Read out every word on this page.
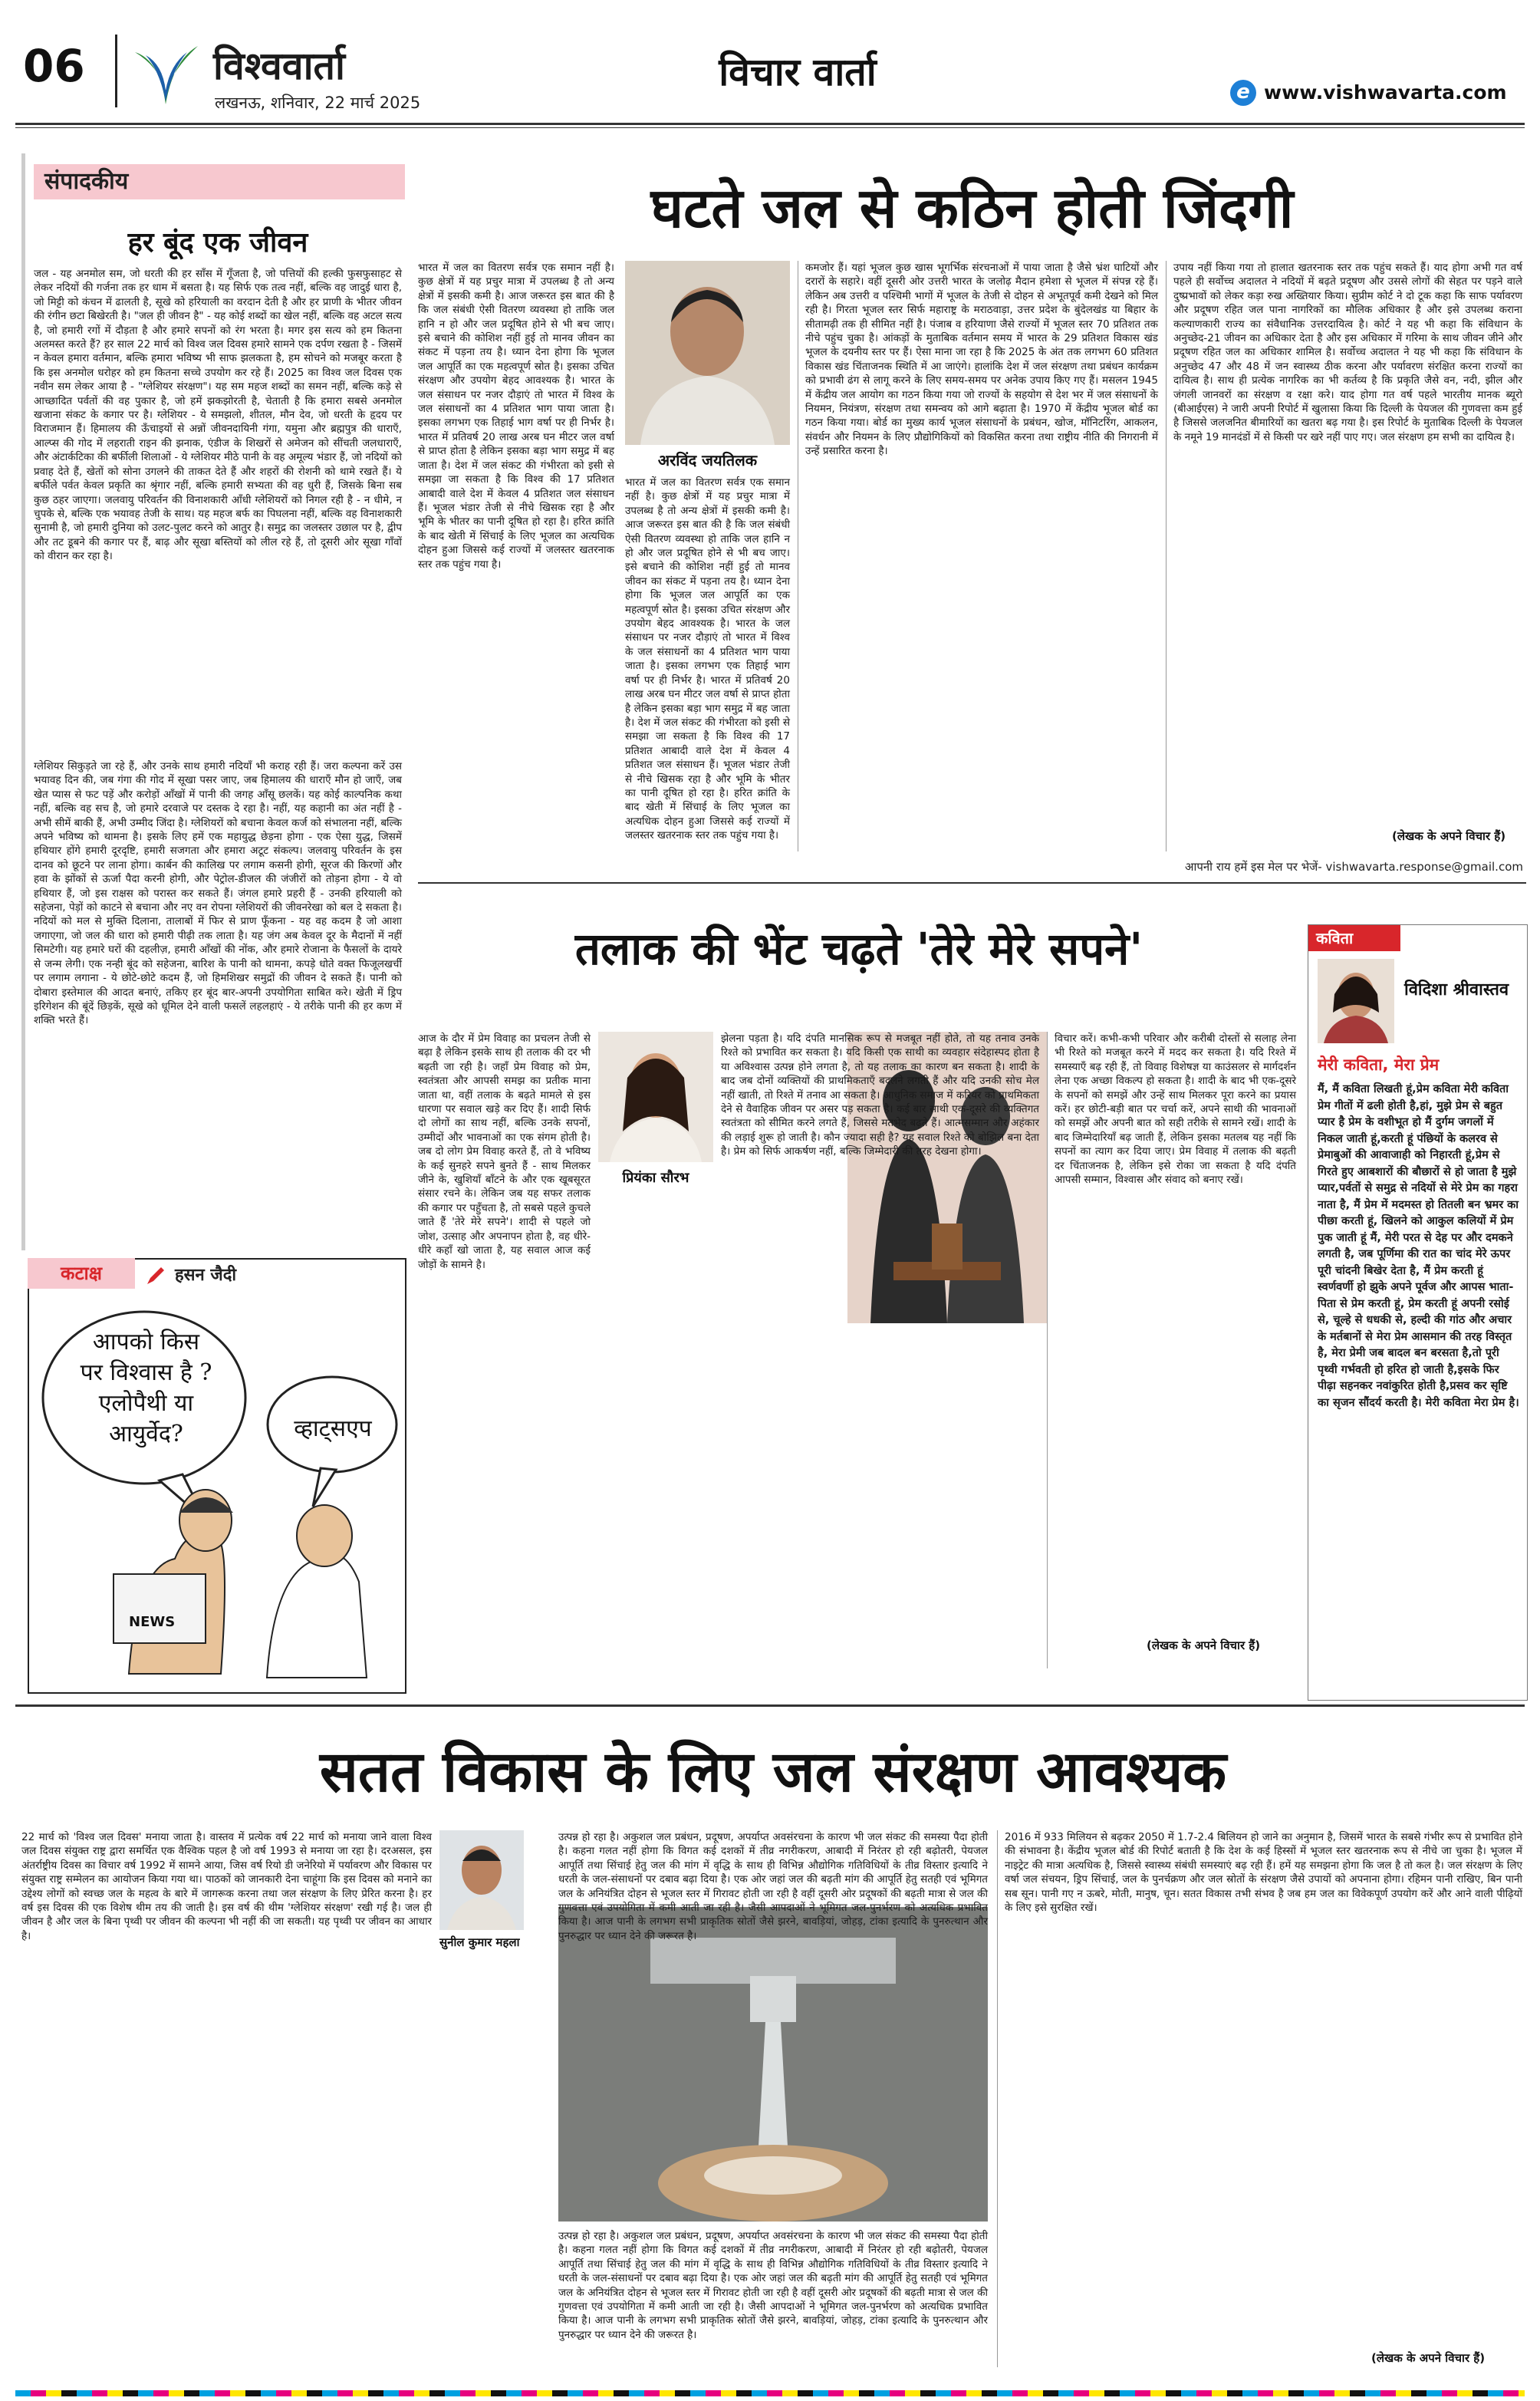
06	V विश्ववार्ता
लखनऊ, शनिवार, 22 मार्च 2025
विचार वार्ता	e www.vishwavarta.com
संपादकीय
हर बूंद एक जीवन
जल - यह अनमोल सम, जो धरती की हर साँस में गूँजता है, जो पत्तियों की हल्की फुसफुसाहट से लेकर नदियों की गर्जना तक हर धाम में बसता है। यह सिर्फ एक तत्व नहीं, बल्कि वह जादुई धारा है, जो मिट्टी को कंचन में ढालती है, सूखे को हरियाली का वरदान देती है और हर प्राणी के भीतर जीवन की रंगीन छटा बिखेरती है। "जल ही जीवन है" - यह कोई शब्दों का खेल नहीं, बल्कि वह अटल सत्य है, जो हमारी रगों में दौड़ता है और हमारे सपनों को रंग भरता है। मगर इस सत्य को हम कितना अलमस्त करते हैं? हर साल 22 मार्च को विश्व जल दिवस हमारे सामने एक दर्पण रखता है - जिसमें न केवल हमारा वर्तमान, बल्कि हमारा भविष्य भी साफ झलकता है, हम सोचने को मजबूर करता है कि इस अनमोल धरोहर को हम कितना सच्चे उपयोग कर रहे हैं। 2025 का विश्व जल दिवस एक नवीन सम लेकर आया है - "ग्लेशियर संरक्षण"। यह सम महज शब्दों का समन नहीं, बल्कि कड़े से आच्छादित पर्वतों की वह पुकार है, जो हमें झकझोरती है, चेताती है कि हमारा सबसे अनमोल खजाना संकट के कगार पर है। ग्लेशियर - ये समझलो, शीतल, मौन देव, जो धरती के हृदय पर विराजमान हैं। हिमालय की ऊँचाइयों से अन्नों जीवनदायिनी गंगा, यमुना और ब्रह्मपुत्र की धाराएँ, आल्प्स की गोद में लहराती राइन की झनाक, एंडीज के शिखरों से अमेजन को सींचती जलधाराएँ, और अंटार्कटिका की बर्फीली शिलाओं - ये ग्लेशियर मीठे पानी के वह अमूल्य भंडार हैं, जो नदियों को प्रवाह देते हैं, खेतों को सोना उगलने की ताकत देते हैं और शहरों की रोशनी को थामे रखते हैं। ये बर्फीले पर्वत केवल प्रकृति का श्रृंगार नहीं, बल्कि हमारी सभ्यता की वह धुरी हैं, जिसके बिना सब कुछ ठहर जाएगा। जलवायु परिवर्तन की विनाशकारी आँधी ग्लेशियरों को निगल रही है - न धीमे, न चुपके से, बल्कि एक भयावह तेजी के साथ। यह महज बर्फ का पिघलना नहीं, बल्कि वह विनाशकारी सुनामी है, जो हमारी दुनिया को उलट-पुलट करने को आतुर है। समुद्र का जलस्तर उछाल पर है, द्वीप और तट डूबने की कगार पर हैं, बाढ़ और सूखा बस्तियों को लील रहे हैं, तो दूसरी ओर सूखा गाँवों को वीरान कर रहा है।
ग्लेशियर सिकुड़ते जा रहे हैं, और उनके साथ हमारी नदियाँ भी कराह रही हैं। जरा कल्पना करें उस भयावह दिन की, जब गंगा की गोद में सूखा पसर जाए, जब हिमालय की धाराएँ मौन हो जाएँ, जब खेत प्यास से फट पड़ें और करोड़ों आँखों में पानी की जगह आँसू छलकें। यह कोई काल्पनिक कथा नहीं, बल्कि वह सच है, जो हमारे दरवाजे पर दस्तक दे रहा है। नहीं, यह कहानी का अंत नहीं है - अभी सीमें बाकी हैं, अभी उम्मीद जिंदा है। ग्लेशियरों को बचाना केवल कर्ज को संभालना नहीं, बल्कि अपने भविष्य को थामना है। इसके लिए हमें एक महायुद्ध छेड़ना होगा - एक ऐसा युद्ध, जिसमें हथियार होंगे हमारी दूरदृष्टि, हमारी सजगता और हमारा अटूट संकल्प। जलवायु परिवर्तन के इस दानव को छूटने पर लाना होगा। कार्बन की कालिख पर लगाम कसनी होगी, सूरज की किरणों और हवा के झोंकों से ऊर्जा पैदा करनी होगी, और पेट्रोल-डीजल की जंजीरों को तोड़ना होगा - ये वो हथियार हैं, जो इस राक्षस को परास्त कर सकते हैं। जंगल हमारे प्रहरी हैं - उनकी हरियाली को सहेजना, पेड़ों को काटने से बचाना और नए वन रोपना ग्लेशियरों की जीवनरेखा को बल दे सकता है। नदियों को मल से मुक्ति दिलाना, तालाबों में फिर से प्राण फूँकना - यह वह कदम है जो आशा जगाएगा, जो जल की धारा को हमारी पीढ़ी तक लाता है। यह जंग अब केवल दूर के मैदानों में नहीं सिमटेगी। यह हमारे घरों की दहलीज़, हमारी आँखों की नोंक, और हमारे रोजाना के फैसलों के दायरे से जन्म लेगी। एक नन्ही बूंद को सहेजना, बारिश के पानी को थामना, कपड़े धोते वक्त फिजूलखर्ची पर लगाम लगाना - ये छोटे-छोटे कदम हैं, जो हिमशिखर समुद्रों की जीवन दे सकते हैं। पानी को दोबारा इस्तेमाल की आदत बनाएं, तकिए हर बूंद बार-अपनी उपयोगिता साबित करे। खेती में ड्रिप इरिगेशन की बूंदें छिड़कें, सूखे को धूमिल देने वाली फसलें लहलहाएं - ये तरीके पानी की हर कण में शक्ति भरते हैं।
कटाक्ष	हसन जैदी
आपको किस
पर विश्वास है ?
एलोपैथी या
आयुर्वेद?	व्हाट्सएप
NEWS
घटते जल से कठिन होती जिंदगी
भारत में जल का वितरण सर्वत्र एक समान नहीं है। कुछ क्षेत्रों में यह प्रचुर मात्रा में उपलब्ध है तो अन्य क्षेत्रों में इसकी कमी है। आज जरूरत इस बात की है कि जल संबंधी ऐसी वितरण व्यवस्था हो ताकि जल हानि न हो और जल प्रदूषित होने से भी बच जाए। इसे बचाने की कोशिश नहीं हुई तो मानव जीवन का संकट में पड़ना तय है। ध्यान देना होगा कि भूजल जल आपूर्ति का एक महत्वपूर्ण स्रोत है। इसका उचित संरक्षण और उपयोग बेहद आवश्यक है। भारत के जल संसाधन पर नजर दौड़ाएं तो भारत में विश्व के जल संसाधनों का 4 प्रतिशत भाग पाया जाता है। इसका लगभग एक तिहाई भाग वर्षा पर ही निर्भर है। भारत में प्रतिवर्ष 20 लाख अरब घन मीटर जल वर्षा से प्राप्त होता है लेकिन इसका बड़ा भाग समुद्र में बह जाता है। देश में जल संकट की गंभीरता को इसी से समझा जा सकता है कि विश्व की 17 प्रतिशत आबादी वाले देश में केवल 4 प्रतिशत जल संसाधन हैं। भूजल भंडार तेजी से नीचे खिसक रहा है और भूमि के भीतर का पानी दूषित हो रहा है। हरित क्रांति के बाद खेती में सिंचाई के लिए भूजल का अत्यधिक दोहन हुआ जिससे कई राज्यों में जलस्तर खतरनाक स्तर तक पहुंच गया है।
अरविंद जयतिलक
भारत में जल का वितरण सर्वत्र एक समान नहीं है। कुछ क्षेत्रों में यह प्रचुर मात्रा में उपलब्ध है तो अन्य क्षेत्रों में इसकी कमी है। आज जरूरत इस बात की है कि जल संबंधी ऐसी वितरण व्यवस्था हो ताकि जल हानि न हो और जल प्रदूषित होने से भी बच जाए। इसे बचाने की कोशिश नहीं हुई तो मानव जीवन का संकट में पड़ना तय है। ध्यान देना होगा कि भूजल जल आपूर्ति का एक महत्वपूर्ण स्रोत है। इसका उचित संरक्षण और उपयोग बेहद आवश्यक है। भारत के जल संसाधन पर नजर दौड़ाएं तो भारत में विश्व के जल संसाधनों का 4 प्रतिशत भाग पाया जाता है। इसका लगभग एक तिहाई भाग वर्षा पर ही निर्भर है। भारत में प्रतिवर्ष 20 लाख अरब घन मीटर जल वर्षा से प्राप्त होता है लेकिन इसका बड़ा भाग समुद्र में बह जाता है। देश में जल संकट की गंभीरता को इसी से समझा जा सकता है कि विश्व की 17 प्रतिशत आबादी वाले देश में केवल 4 प्रतिशत जल संसाधन हैं। भूजल भंडार तेजी से नीचे खिसक रहा है और भूमि के भीतर का पानी दूषित हो रहा है। हरित क्रांति के बाद खेती में सिंचाई के लिए भूजल का अत्यधिक दोहन हुआ जिससे कई राज्यों में जलस्तर खतरनाक स्तर तक पहुंच गया है।
कमजोर हैं। यहां भूजल कुछ खास भूगर्भिक संरचनाओं में पाया जाता है जैसे भ्रंश घाटियों और दरारों के सहारे। वहीं दूसरी ओर उत्तरी भारत के जलोढ़ मैदान हमेशा से भूजल में संपन्न रहे हैं। लेकिन अब उत्तरी व पश्चिमी भागों में भूजल के तेजी से दोहन से अभूतपूर्व कमी देखने को मिल रही है। गिरता भूजल स्तर सिर्फ महाराष्ट्र के मराठवाड़ा, उत्तर प्रदेश के बुंदेलखंड या बिहार के सीतामढ़ी तक ही सीमित नहीं है। पंजाब व हरियाणा जैसे राज्यों में भूजल स्तर 70 प्रतिशत तक नीचे पहुंच चुका है। आंकड़ों के मुताबिक वर्तमान समय में भारत के 29 प्रतिशत विकास खंड भूजल के दयनीय स्तर पर हैं। ऐसा माना जा रहा है कि 2025 के अंत तक लगभग 60 प्रतिशत विकास खंड चिंताजनक स्थिति में आ जाएंगे। हालांकि देश में जल संरक्षण तथा प्रबंधन कार्यक्रम को प्रभावी ढंग से लागू करने के लिए समय-समय पर अनेक उपाय किए गए हैं। मसलन 1945 में केंद्रीय जल आयोग का गठन किया गया जो राज्यों के सहयोग से देश भर में जल संसाधनों के नियमन, नियंत्रण, संरक्षण तथा समन्वय को आगे बढ़ाता है। 1970 में केंद्रीय भूजल बोर्ड का गठन किया गया। बोर्ड का मुख्य कार्य भूजल संसाधनों के प्रबंधन, खोज, मॉनिटरिंग, आकलन, संवर्धन और नियमन के लिए प्रौद्योगिकियों को विकसित करना तथा राष्ट्रीय नीति की निगरानी में उन्हें प्रसारित करना है।
उपाय नहीं किया गया तो हालात खतरनाक स्तर तक पहुंच सकते हैं। याद होगा अभी गत वर्ष पहले ही सर्वोच्च अदालत ने नदियों में बढ़ते प्रदूषण और उससे लोगों की सेहत पर पड़ने वाले दुष्प्रभावों को लेकर कड़ा रुख अख्तियार किया। सुप्रीम कोर्ट ने दो टूक कहा कि साफ पर्यावरण और प्रदूषण रहित जल पाना नागरिकों का मौलिक अधिकार है और इसे उपलब्ध कराना कल्याणकारी राज्य का संवैधानिक उत्तरदायित्व है। कोर्ट ने यह भी कहा कि संविधान के अनुच्छेद-21 जीवन का अधिकार देता है और इस अधिकार में गरिमा के साथ जीवन जीने और प्रदूषण रहित जल का अधिकार शामिल है। सर्वोच्च अदालत ने यह भी कहा कि संविधान के अनुच्छेद 47 और 48 में जन स्वास्थ्य ठीक करना और पर्यावरण संरक्षित करना राज्यों का दायित्व है। साथ ही प्रत्येक नागरिक का भी कर्तव्य है कि प्रकृति जैसे वन, नदी, झील और जंगली जानवरों का संरक्षण व रक्षा करे। याद होगा गत वर्ष पहले भारतीय मानक ब्यूरो (बीआईएस) ने जारी अपनी रिपोर्ट में खुलासा किया कि दिल्ली के पेयजल की गुणवत्ता कम हुई है जिससे जलजनित बीमारियों का खतरा बढ़ गया है। इस रिपोर्ट के मुताबिक दिल्ली के पेयजल के नमूने 19 मानदंडों में से किसी पर खरे नहीं पाए गए। जल संरक्षण हम सभी का दायित्व है।
(लेखक के अपने विचार हैं)
आपनी राय हमें इस मेल पर भेजें- vishwavarta.response@gmail.com
तलाक की भेंट चढ़ते 'तेरे मेरे सपने'
आज के दौर में प्रेम विवाह का प्रचलन तेजी से बढ़ा है लेकिन इसके साथ ही तलाक की दर भी बढ़ती जा रही है। जहाँ प्रेम विवाह को प्रेम, स्वतंत्रता और आपसी समझ का प्रतीक माना जाता था, वहीं तलाक के बढ़ते मामले से इस धारणा पर सवाल खड़े कर दिए हैं। शादी सिर्फ दो लोगों का साथ नहीं, बल्कि उनके सपनों, उम्मीदों और भावनाओं का एक संगम होती है। जब दो लोग प्रेम विवाह करते हैं, तो वे भविष्य के कई सुनहरे सपने बुनते हैं - साथ मिलकर जीने के, खुशियाँ बाँटने के और एक खूबसूरत संसार रचने के। लेकिन जब यह सफर तलाक की कगार पर पहुँचता है, तो सबसे पहले कुचले जाते हैं 'तेरे मेरे सपने'। शादी से पहले जो जोश, उत्साह और अपनापन होता है, वह धीरे-धीरे कहाँ खो जाता है, यह सवाल आज कई जोड़ों के सामने है।
प्रियंका सौरभ
झेलना पड़ता है। यदि दंपति मानसिक रूप से मजबूत नहीं होते, तो यह तनाव उनके रिश्ते को प्रभावित कर सकता है। यदि किसी एक साथी का व्यवहार संदेहास्पद होता है या अविश्वास उत्पन्न होने लगता है, तो यह तलाक का कारण बन सकता है। शादी के बाद जब दोनों व्यक्तियों की प्राथमिकताएँ बदलने लगती हैं और यदि उनकी सोच मेल नहीं खाती, तो रिश्ते में तनाव आ सकता है। आधुनिक समाज में करियर को प्राथमिकता देने से वैवाहिक जीवन पर असर पड़ सकता है। कई बार साथी एक-दूसरे की व्यक्तिगत स्वतंत्रता को सीमित करने लगते हैं, जिससे मतभेद बढ़ते हैं। आत्मसम्मान और अहंकार की लड़ाई शुरू हो जाती है। कौन ज्यादा सही है? यह सवाल रिश्ते को बोझिल बना देता है। प्रेम को सिर्फ आकर्षण नहीं, बल्कि जिम्मेदारी की तरह देखना होगा।
विचार करें। कभी-कभी परिवार और करीबी दोस्तों से सलाह लेना भी रिश्ते को मजबूत करने में मदद कर सकता है। यदि रिश्ते में समस्याएँ बढ़ रही हैं, तो विवाह विशेषज्ञ या काउंसलर से मार्गदर्शन लेना एक अच्छा विकल्प हो सकता है। शादी के बाद भी एक-दूसरे के सपनों को समझें और उन्हें साथ मिलकर पूरा करने का प्रयास करें। हर छोटी-बड़ी बात पर चर्चा करें, अपने साथी की भावनाओं को समझें और अपनी बात को सही तरीके से सामने रखें। शादी के बाद जिम्मेदारियाँ बढ़ जाती हैं, लेकिन इसका मतलब यह नहीं कि सपनों का त्याग कर दिया जाए। प्रेम विवाह में तलाक की बढ़ती दर चिंताजनक है, लेकिन इसे रोका जा सकता है यदि दंपति आपसी सम्मान, विश्वास और संवाद को बनाए रखें।
(लेखक के अपने विचार हैं)
कविता
विदिशा श्रीवास्तव
मेरी कविता, मेरा प्रेम
मैं, मैं कविता लिखती हूं,प्रेम कविता मेरी कविता प्रेम गीतों में ढली होती है,हां, मुझे प्रेम से बहुत प्यार है प्रेम के वशीभूत हो मैं दुर्गम जगलों में निकल जाती हूं,करती हूं पंछियों के कलरव से प्रेमाबुओं की आवाजाही को निहारती हूं,प्रेम से गिरते हुए आबशारों की बौछारों से हो जाता है मुझे प्यार,पर्वतों से समुद्र से नदियों से मेरे प्रेम का गहरा नाता है, मैं प्रेम में मदमस्त हो तितली बन भ्रमर का पीछा करती हूं, खिलने को आकुल कलियों में प्रेम पुक जाती हूं मैं, मेरी परत से देह पर और दमकने लगती है, जब पूर्णिमा की रात का चांद मेरे ऊपर पूरी चांदनी बिखेर देता है, मैं प्रेम करती हूं स्वर्णवर्णी हो झुके अपने पूर्वज और आपस भाता-पिता से प्रेम करती हूं, प्रेम करती हूं अपनी रसोई से, चूल्हे से धधकी से, हल्दी की गांठ और अचार के मर्तबानों से मेरा प्रेम आसमान की तरह विस्तृत है, मेरा प्रेमी जब बादल बन बरसता है,तो पूरी पृथ्वी गर्भवती हो हरित हो जाती है,इसके फिर पीढ़ा सहनकर नवांकुरित होती है,प्रसव कर सृष्टि का सृजन सौंदर्य करती है। मेरी कविता मेरा प्रेम है।
सतत विकास के लिए जल संरक्षण आवश्यक
22 मार्च को 'विश्व जल दिवस' मनाया जाता है। वास्तव में प्रत्येक वर्ष 22 मार्च को मनाया जाने वाला विश्व जल दिवस संयुक्त राष्ट्र द्वारा समर्थित एक वैश्विक पहल है जो वर्ष 1993 से मनाया जा रहा है। दरअसल, इस अंतर्राष्ट्रीय दिवस का विचार वर्ष 1992 में सामने आया, जिस वर्ष रियो डी जनेरियो में पर्यावरण और विकास पर संयुक्त राष्ट्र सम्मेलन का आयोजन किया गया था। पाठकों को जानकारी देना चाहूंगा कि इस दिवस को मनाने का उद्देश्य लोगों को स्वच्छ जल के महत्व के बारे में जागरूक करना तथा जल संरक्षण के लिए प्रेरित करना है। हर वर्ष इस दिवस की एक विशेष थीम तय की जाती है। इस वर्ष की थीम 'ग्लेशियर संरक्षण' रखी गई है। जल ही जीवन है और जल के बिना पृथ्वी पर जीवन की कल्पना भी नहीं की जा सकती। यह पृथ्वी पर जीवन का आधार है।	सुनील कुमार महला
उत्पन्न हो रहा है। अकुशल जल प्रबंधन, प्रदूषण, अपर्याप्त अवसंरचना के कारण भी जल संकट की समस्या पैदा होती है। कहना गलत नहीं होगा कि विगत कई दशकों में तीव्र नगरीकरण, आबादी में निरंतर हो रही बढ़ोतरी, पेयजल आपूर्ति तथा सिंचाई हेतु जल की मांग में वृद्धि के साथ ही विभिन्न औद्योगिक गतिविधियों के तीव्र विस्तार इत्यादि ने धरती के जल-संसाधनों पर दबाव बढ़ा दिया है। एक ओर जहां जल की बढ़ती मांग की आपूर्ति हेतु सतही एवं भूमिगत जल के अनियंत्रित दोहन से भूजल स्तर में गिरावट होती जा रही है वहीं दूसरी ओर प्रदूषकों की बढ़ती मात्रा से जल की गुणवत्ता एवं उपयोगिता में कमी आती जा रही है। जैसी आपदाओं ने भूमिगत जल-पुनर्भरण को अत्यधिक प्रभावित किया है। आज पानी के लगभग सभी प्राकृतिक स्रोतों जैसे झरने, बावड़ियां, जोहड़, टांका इत्यादि के पुनरुत्थान और पुनरुद्धार पर ध्यान देने की जरूरत है।
उत्पन्न हो रहा है। अकुशल जल प्रबंधन, प्रदूषण, अपर्याप्त अवसंरचना के कारण भी जल संकट की समस्या पैदा होती है। कहना गलत नहीं होगा कि विगत कई दशकों में तीव्र नगरीकरण, आबादी में निरंतर हो रही बढ़ोतरी, पेयजल आपूर्ति तथा सिंचाई हेतु जल की मांग में वृद्धि के साथ ही विभिन्न औद्योगिक गतिविधियों के तीव्र विस्तार इत्यादि ने धरती के जल-संसाधनों पर दबाव बढ़ा दिया है। एक ओर जहां जल की बढ़ती मांग की आपूर्ति हेतु सतही एवं भूमिगत जल के अनियंत्रित दोहन से भूजल स्तर में गिरावट होती जा रही है वहीं दूसरी ओर प्रदूषकों की बढ़ती मात्रा से जल की गुणवत्ता एवं उपयोगिता में कमी आती जा रही है। जैसी आपदाओं ने भूमिगत जल-पुनर्भरण को अत्यधिक प्रभावित किया है। आज पानी के लगभग सभी प्राकृतिक स्रोतों जैसे झरने, बावड़ियां, जोहड़, टांका इत्यादि के पुनरुत्थान और पुनरुद्धार पर ध्यान देने की जरूरत है।
2016 में 933 मिलियन से बढ़कर 2050 में 1.7-2.4 बिलियन हो जाने का अनुमान है, जिसमें भारत के सबसे गंभीर रूप से प्रभावित होने की संभावना है। केंद्रीय भूजल बोर्ड की रिपोर्ट बताती है कि देश के कई हिस्सों में भूजल स्तर खतरनाक रूप से नीचे जा चुका है। भूजल में नाइट्रेट की मात्रा अत्यधिक है, जिससे स्वास्थ्य संबंधी समस्याएं बढ़ रही हैं। हमें यह समझना होगा कि जल है तो कल है। जल संरक्षण के लिए वर्षा जल संचयन, ड्रिप सिंचाई, जल के पुनर्चक्रण और जल स्रोतों के संरक्षण जैसे उपायों को अपनाना होगा। रहिमन पानी राखिए, बिन पानी सब सून। पानी गए न ऊबरे, मोती, मानुष, चून। सतत विकास तभी संभव है जब हम जल का विवेकपूर्ण उपयोग करें और आने वाली पीढ़ियों के लिए इसे सुरक्षित रखें।
(लेखक के अपने विचार हैं)
